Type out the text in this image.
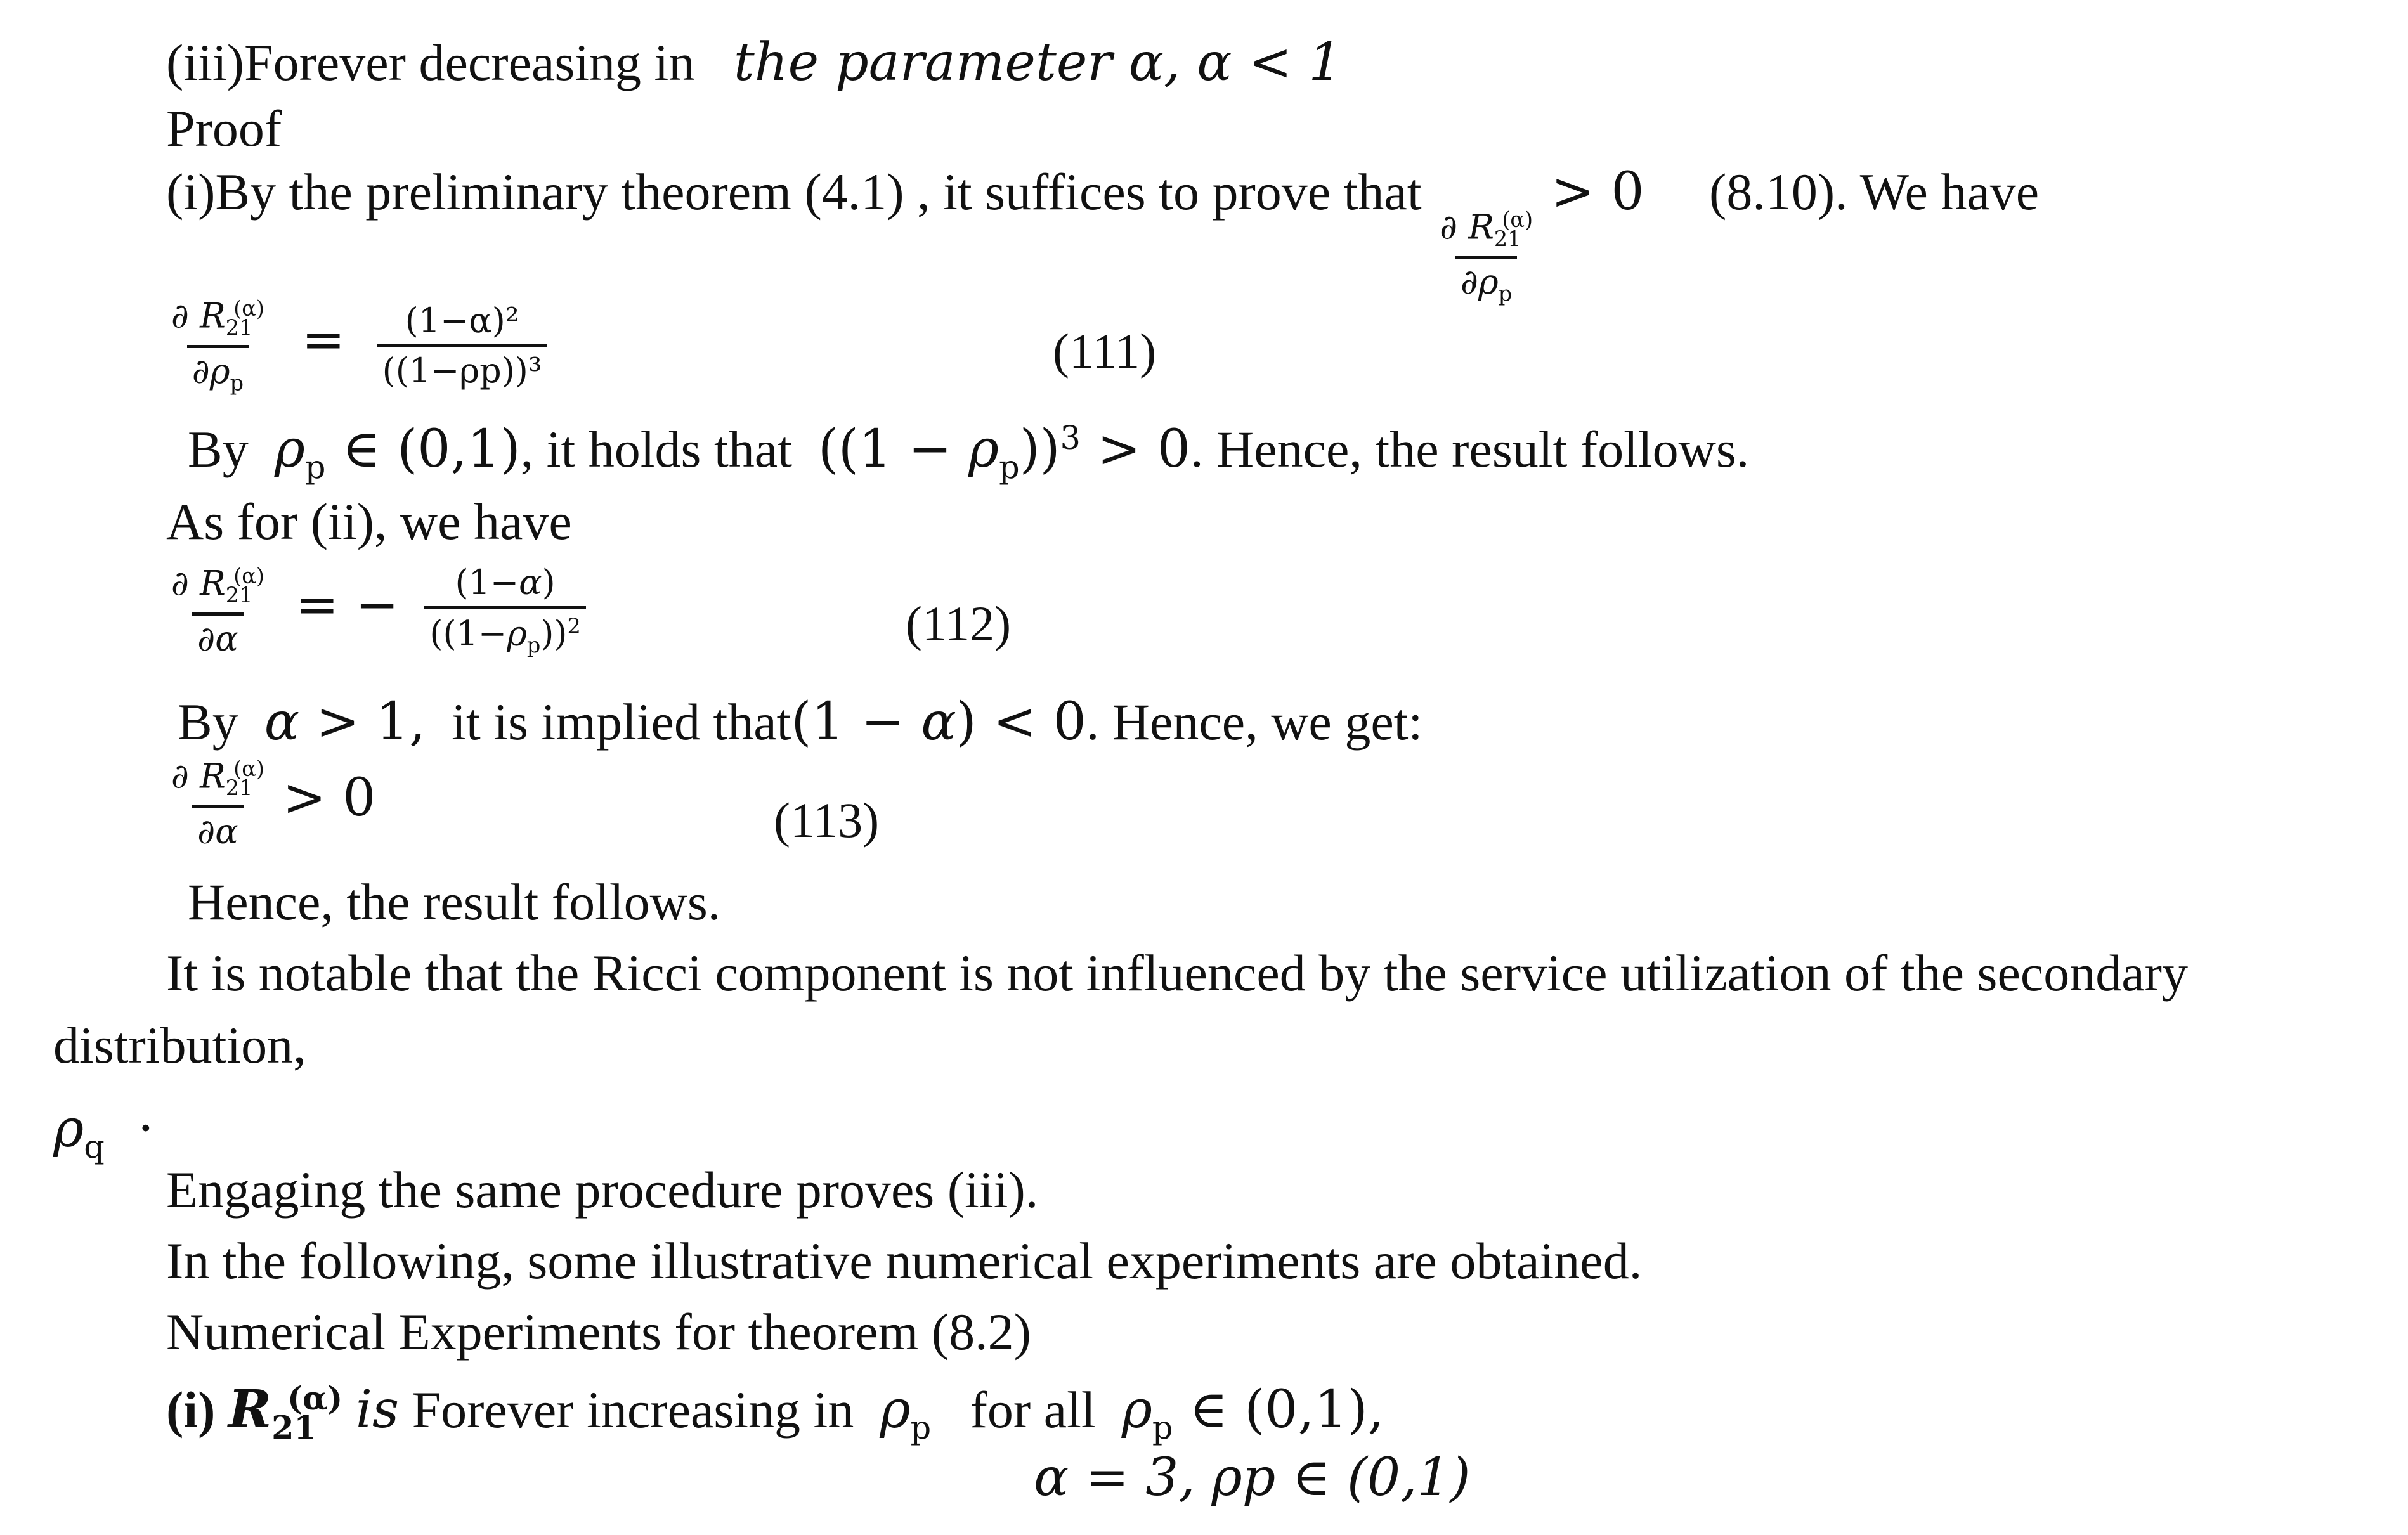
(iii)Forever decreasing in the parameter α, α < 1
Proof
(i)By the preliminary theorem (4.1) , it suffices to prove that
$\frac{\partial R_{21}^{(\alpha)}}{\partial\rho_p}$
> 0 (8.10). We have
$\frac{\partial R_{21}^{(\alpha)}}{\partial\rho_p} = \frac{\text{(1−α)²}}{\text{((1−ρp))³}}$	(111)
By $\rho_p$ ∈ (0,1), it holds that $((1 - \rho_p))^3 > 0$. Hence, the result follows.
As for (ii), we have
$\frac{\partial R_{21}^{(\alpha)}}{\partial\alpha}$ = − $\frac{(1-\alpha)}{((1-\rho_p))^2}$	(112)
By α > 1, it is implied that(1 − α) < 0. Hence, we get:
$\frac{\partial R_{21}^{(\alpha)}}{\partial\alpha} > 0$	(113)
Hence, the result follows.
It is notable that the Ricci component is not influenced by the service utilization of the secondary
distribution,
$\rho_q$ ·
Engaging the same procedure proves (iii).
In the following, some illustrative numerical experiments are obtained.
Numerical Experiments for theorem (8.2)
(i) $R_{21}^{(\alpha)}$ is Forever increasing in $\rho_p$ for all $\rho_p$ ∈ (0,1),
α = 3, ρp ∈ (0,1)
